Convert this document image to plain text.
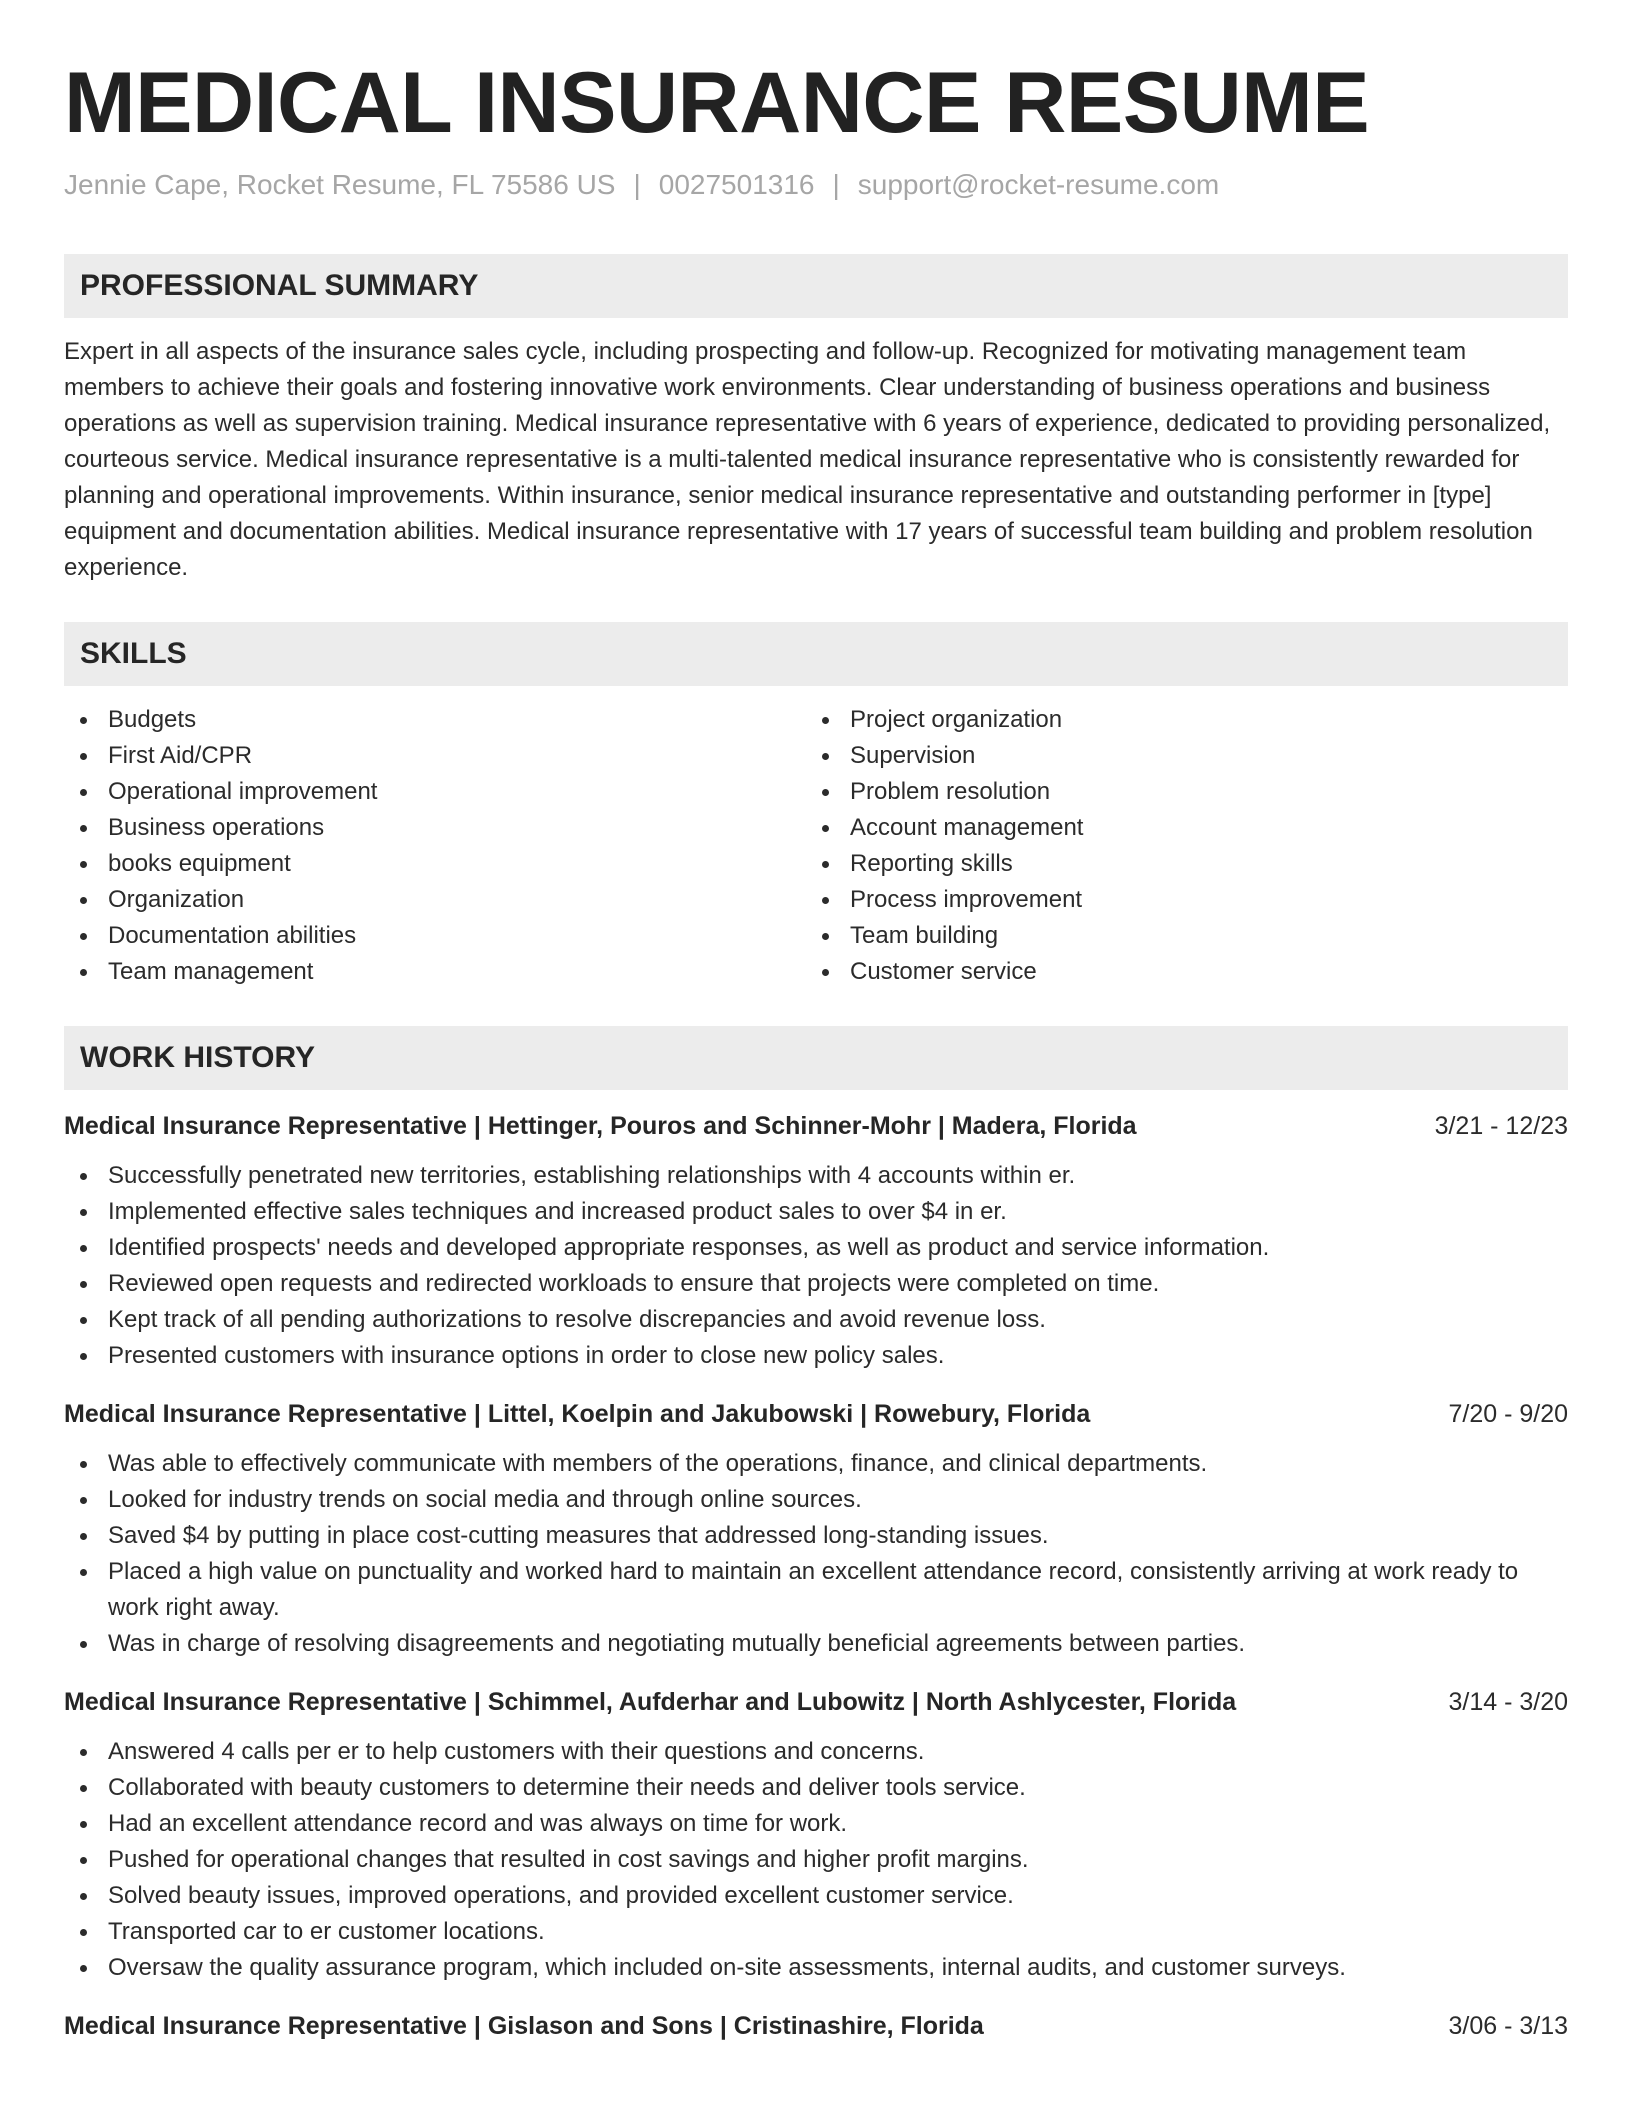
MEDICAL INSURANCE RESUME
Jennie Cape, Rocket Resume, FL 75586 US | 0027501316 | support@rocket-resume.com
PROFESSIONAL SUMMARY
Expert in all aspects of the insurance sales cycle, including prospecting and follow-up. Recognized for motivating management team members to achieve their goals and fostering innovative work environments. Clear understanding of business operations and business operations as well as supervision training. Medical insurance representative with 6 years of experience, dedicated to providing personalized, courteous service. Medical insurance representative is a multi-talented medical insurance representative who is consistently rewarded for planning and operational improvements. Within insurance, senior medical insurance representative and outstanding performer in [type] equipment and documentation abilities. Medical insurance representative with 17 years of successful team building and problem resolution experience.
SKILLS
Budgets
First Aid/CPR
Operational improvement
Business operations
books equipment
Organization
Documentation abilities
Team management
Project organization
Supervision
Problem resolution
Account management
Reporting skills
Process improvement
Team building
Customer service
WORK HISTORY
Medical Insurance Representative | Hettinger, Pouros and Schinner-Mohr | Madera, Florida	3/21 - 12/23
Successfully penetrated new territories, establishing relationships with 4 accounts within er.
Implemented effective sales techniques and increased product sales to over $4 in er.
Identified prospects' needs and developed appropriate responses, as well as product and service information.
Reviewed open requests and redirected workloads to ensure that projects were completed on time.
Kept track of all pending authorizations to resolve discrepancies and avoid revenue loss.
Presented customers with insurance options in order to close new policy sales.
Medical Insurance Representative | Littel, Koelpin and Jakubowski | Rowebury, Florida	7/20 - 9/20
Was able to effectively communicate with members of the operations, finance, and clinical departments.
Looked for industry trends on social media and through online sources.
Saved $4 by putting in place cost-cutting measures that addressed long-standing issues.
Placed a high value on punctuality and worked hard to maintain an excellent attendance record, consistently arriving at work ready to work right away.
Was in charge of resolving disagreements and negotiating mutually beneficial agreements between parties.
Medical Insurance Representative | Schimmel, Aufderhar and Lubowitz | North Ashlycester, Florida	3/14 - 3/20
Answered 4 calls per er to help customers with their questions and concerns.
Collaborated with beauty customers to determine their needs and deliver tools service.
Had an excellent attendance record and was always on time for work.
Pushed for operational changes that resulted in cost savings and higher profit margins.
Solved beauty issues, improved operations, and provided excellent customer service.
Transported car to er customer locations.
Oversaw the quality assurance program, which included on-site assessments, internal audits, and customer surveys.
Medical Insurance Representative | Gislason and Sons | Cristinashire, Florida	3/06 - 3/13
